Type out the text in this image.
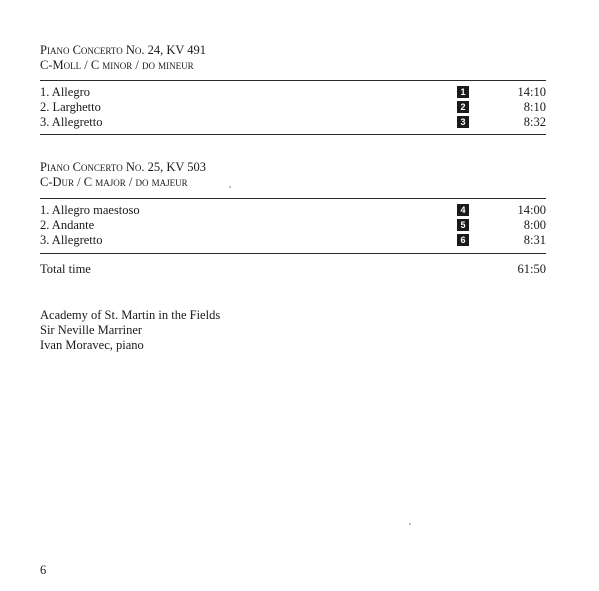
Piano Concerto No. 24, KV 491
C-Moll / C minor / do mineur
1. Allegro	1	14:10
2. Larghetto	2	8:10
3. Allegretto	3	8:32
Piano Concerto No. 25, KV 503
C-Dur / C major / do majeur
1. Allegro maestoso	4	14:00
2. Andante	5	8:00
3. Allegretto	6	8:31
Total time	61:50
Academy of St. Martin in the Fields
Sir Neville Marriner
Ivan Moravec, piano
6
